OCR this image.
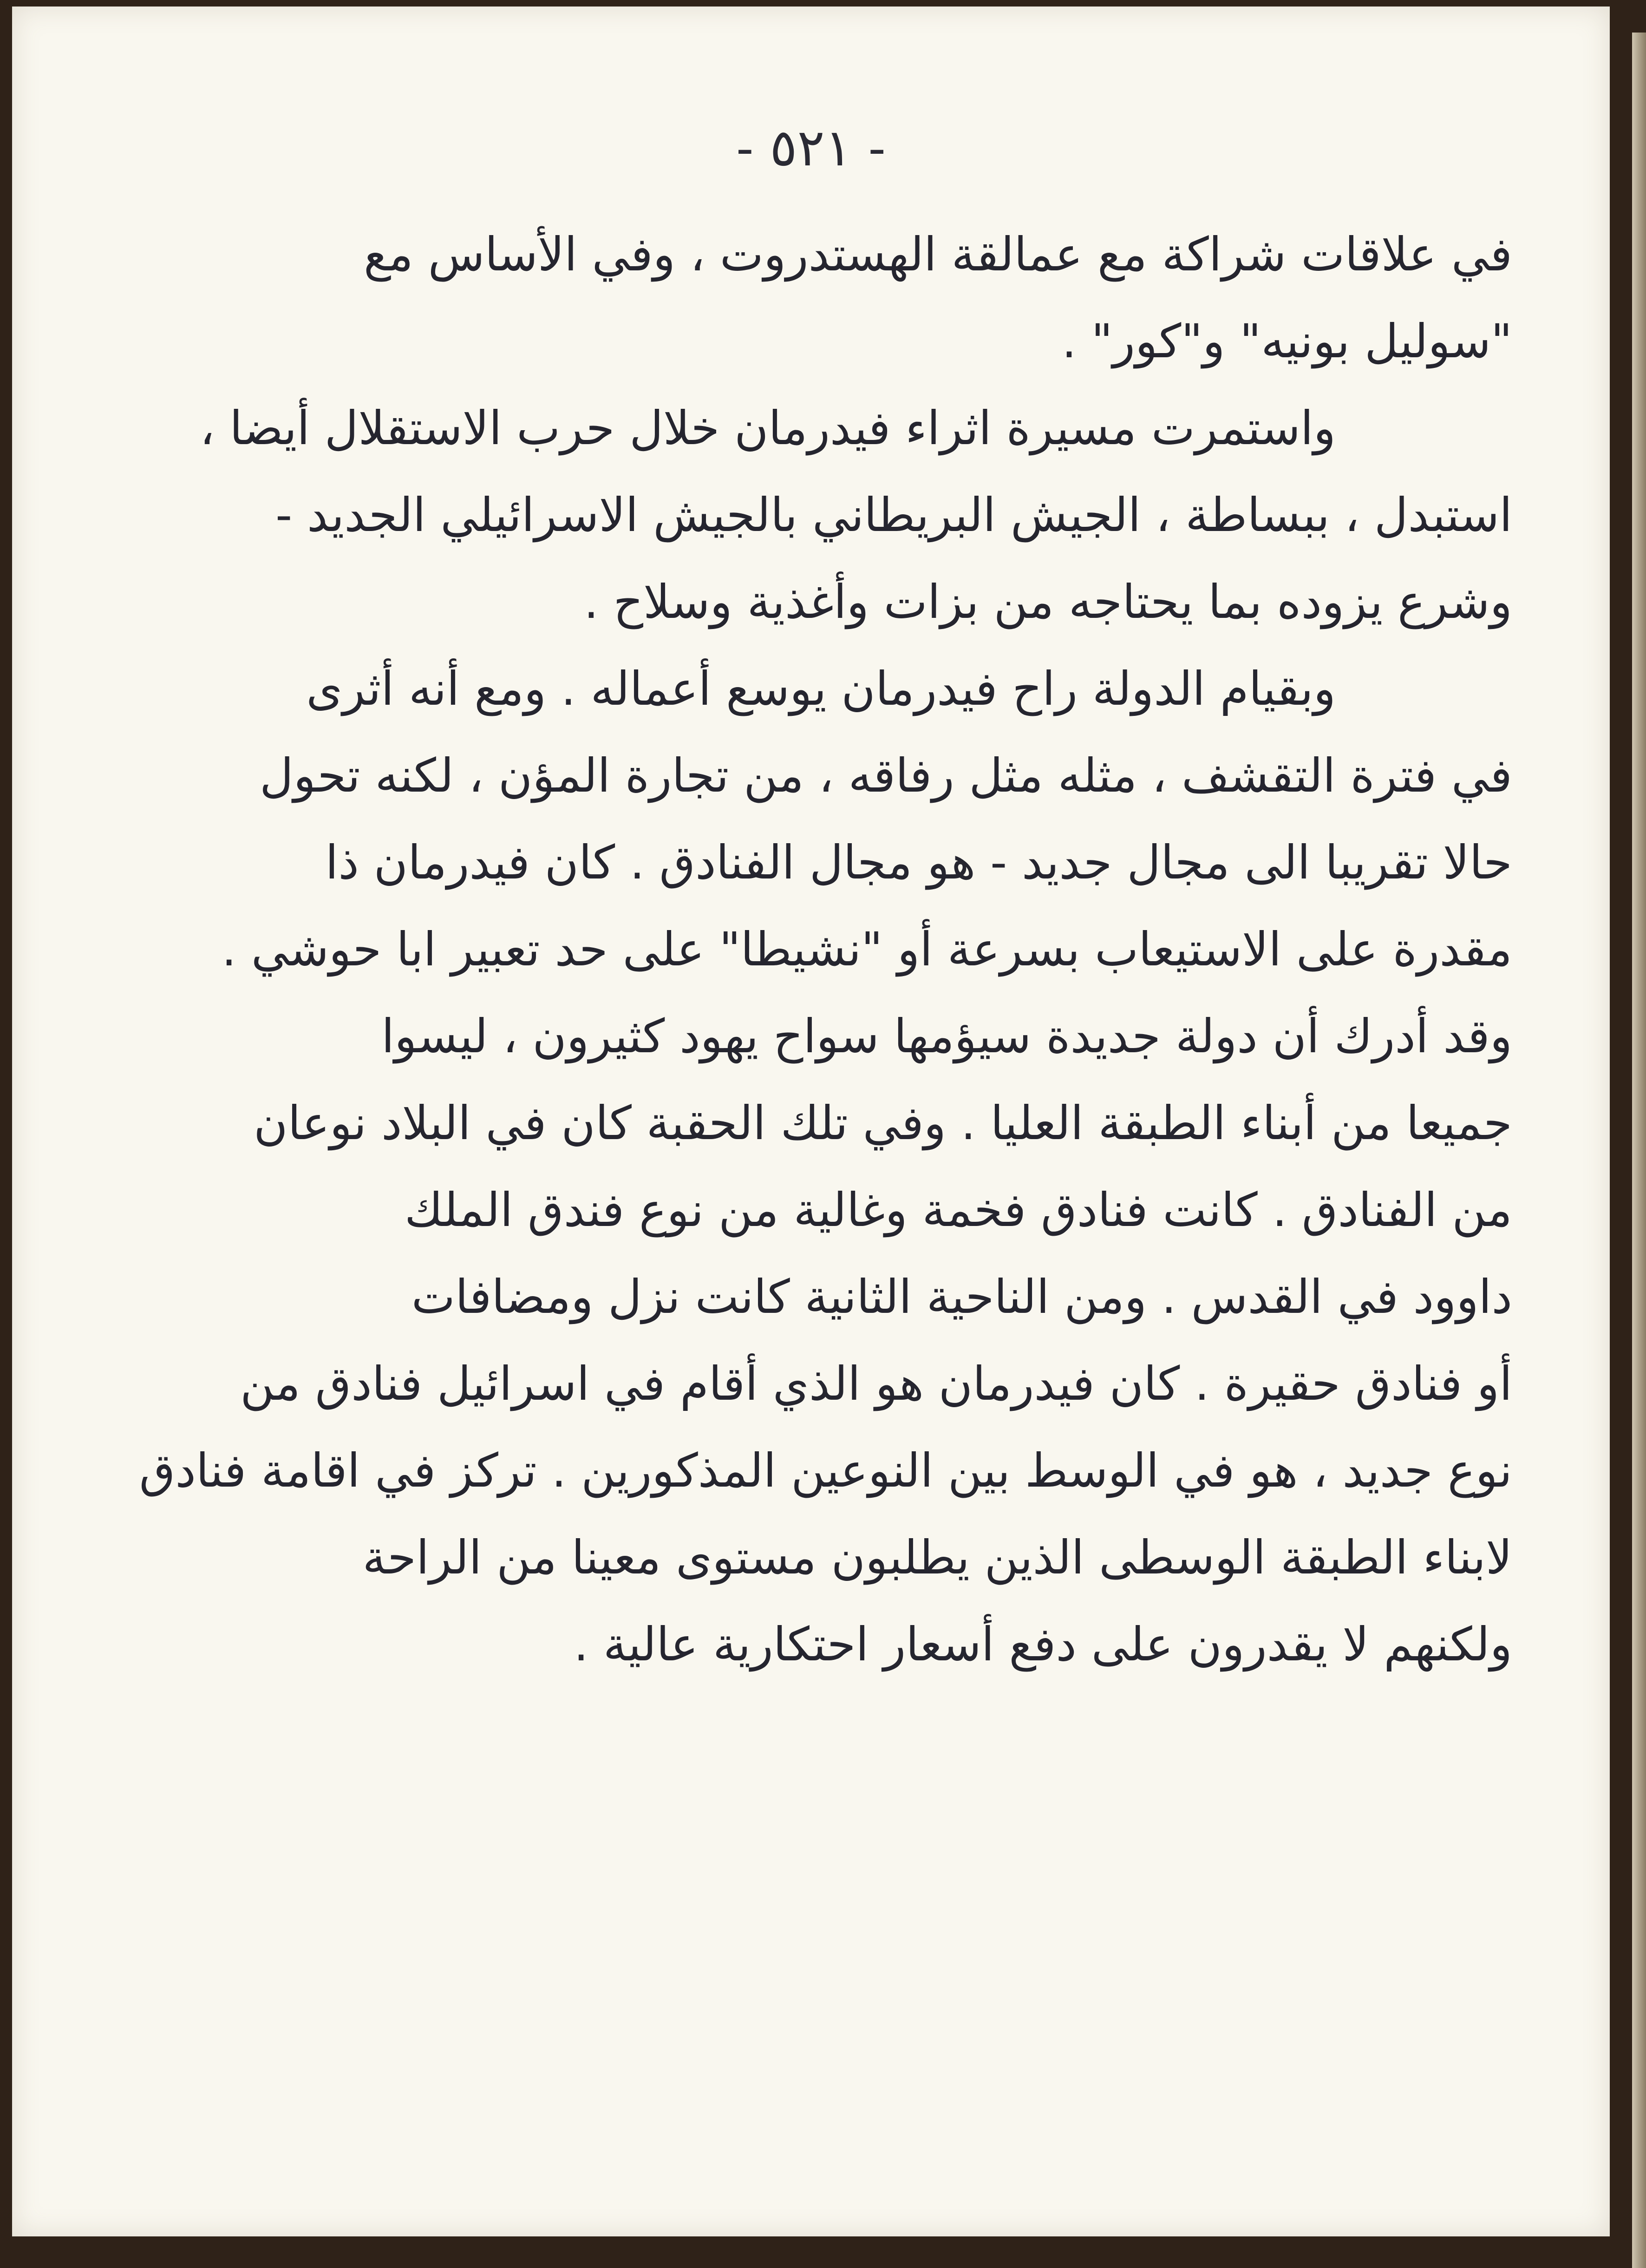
- ٥٢١ -
في علاقات شراكة مع عمالقة الهستدروت ، وفي الأساس مع
"سوليل بونيه" و"كور" .
واستمرت مسيرة اثراء فيدرمان خلال حرب الاستقلال أيضا ،
استبدل ، ببساطة ، الجيش البريطاني بالجيش الاسرائيلي الجديد -
وشرع يزوده بما يحتاجه من بزات وأغذية وسلاح .
وبقيام الدولة راح فيدرمان يوسع أعماله . ومع أنه أثرى
في فترة التقشف ، مثله مثل رفاقه ، من تجارة المؤن ، لكنه تحول
حالا تقريبا الى مجال جديد - هو مجال الفنادق . كان فيدرمان ذا
مقدرة على الاستيعاب بسرعة أو "نشيطا" على حد تعبير ابا حوشي .
وقد أدرك أن دولة جديدة سيؤمها سواح يهود كثيرون ، ليسوا
جميعا من أبناء الطبقة العليا . وفي تلك الحقبة كان في البلاد نوعان
من الفنادق . كانت فنادق فخمة وغالية من نوع فندق الملك
داوود في القدس . ومن الناحية الثانية كانت نزل ومضافات
أو فنادق حقيرة . كان فيدرمان هو الذي أقام في اسرائيل فنادق من
نوع جديد ، هو في الوسط بين النوعين المذكورين . تركز في اقامة فنادق
لابناء الطبقة الوسطى الذين يطلبون مستوى معينا من الراحة
ولكنهم لا يقدرون على دفع أسعار احتكارية عالية .
